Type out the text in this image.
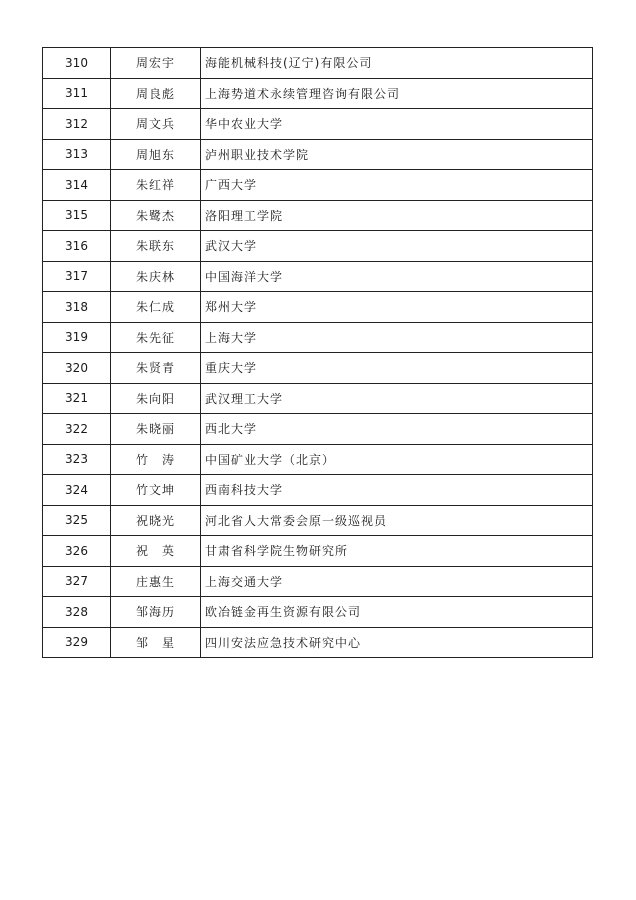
310	周宏宇	海能机械科技(辽宁)有限公司
311	周良彪	上海势道术永续管理咨询有限公司
312	周文兵	华中农业大学
313	周旭东	泸州职业技术学院
314	朱红祥	广西大学
315	朱鹭杰	洛阳理工学院
316	朱联东	武汉大学
317	朱庆林	中国海洋大学
318	朱仁成	郑州大学
319	朱先征	上海大学
320	朱贤青	重庆大学
321	朱向阳	武汉理工大学
322	朱晓丽	西北大学
323	竹　涛	中国矿业大学（北京）
324	竹文坤	西南科技大学
325	祝晓光	河北省人大常委会原一级巡视员
326	祝　英	甘肃省科学院生物研究所
327	庄惠生	上海交通大学
328	邹海历	欧冶链金再生资源有限公司
329	邹　星	四川安法应急技术研究中心
